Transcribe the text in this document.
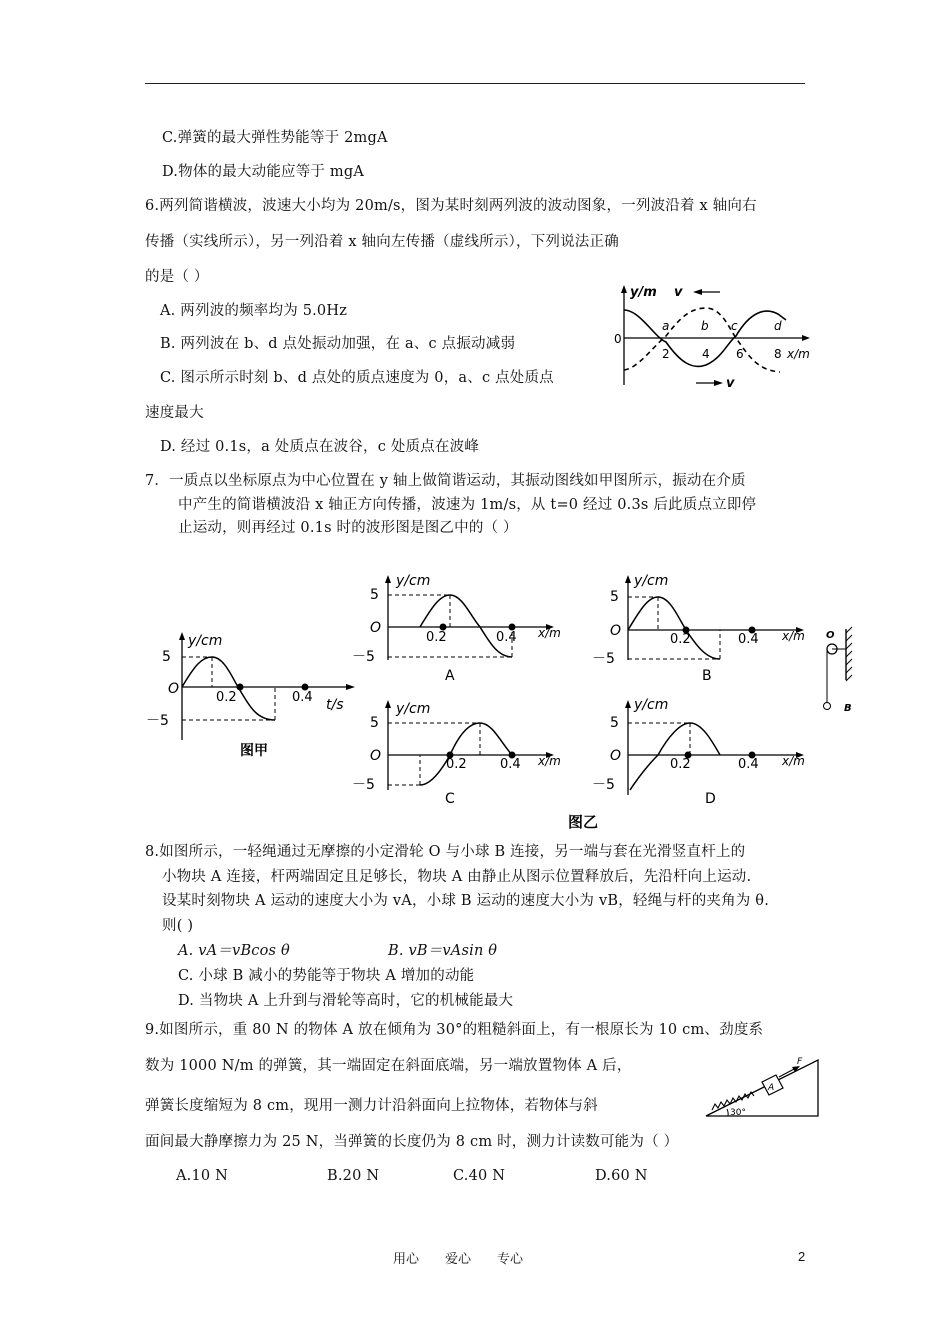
C.弹簧的最大弹性势能等于 2mgA
D.物体的最大动能应等于 mgA
6.两列简谐横波，波速大小均为 20m/s，图为某时刻两列波的波动图象，一列波沿着 x 轴向右
传播（实线所示），另一列沿着 x 轴向左传播（虚线所示），下列说法正确
的是（ ）
A. 两列波的频率均为 5.0Hz
B. 两列波在 b、d 点处振动加强，在 a、c 点振动减弱
C. 图示所示时刻 b、d 点处的质点速度为 0，a、c 点处质点
速度最大
D. 经过 0.1s，a 处质点在波谷，c 处质点在波峰
y/m v
v
0
a	b c	d
2	4 6	8 x/m
7．一质点以坐标原点为中心位置在 y 轴上做简谐运动，其振动图线如甲图所示，振动在介质
中产生的简谐横波沿 x 轴正方向传播，波速为 1m/s，从 t=0 经过 0.3s 后此质点立即停
止运动，则再经过 0.1s 时的波形图是图乙中的（ ）
y/cm
5
O
－5
0.2	0.4 t/s
图甲
y/cm
5
O
－5
0.2	0.4 x/m
A
y/cm
5
O
－5
0.2	0.4 x/m
B
y/cm
5
O
－5
0.2	0.4 x/m
C
y/cm
5
O
－5
0.2	0.4 x/m
D
图乙
O
B
8.如图所示，一轻绳通过无摩擦的小定滑轮 O 与小球 B 连接，另一端与套在光滑竖直杆上的
小物块 A 连接，杆两端固定且足够长，物块 A 由静止从图示位置释放后，先沿杆向上运动.
设某时刻物块 A 运动的速度大小为 vA，小球 B 运动的速度大小为 vB，轻绳与杆的夹角为 θ.
则( )
A. vA＝vBcos θ	B. vB＝vAsin θ
C. 小球 B 减小的势能等于物块 A 增加的动能
D. 当物块 A 上升到与滑轮等高时，它的机械能最大
9.如图所示，重 80 N 的物体 A 放在倾角为 30°的粗糙斜面上，有一根原长为 10 cm、劲度系
数为 1000 N/m 的弹簧，其一端固定在斜面底端，另一端放置物体 A 后，
弹簧长度缩短为 8 cm，现用一测力计沿斜面向上拉物体，若物体与斜
面间最大静摩擦力为 25 N，当弹簧的长度仍为 8 cm 时，测力计读数可能为（ ）
A.10 N	B.20 N	C.40 N	D.60 N
A
F
30°
用心 爱心 专心	2
